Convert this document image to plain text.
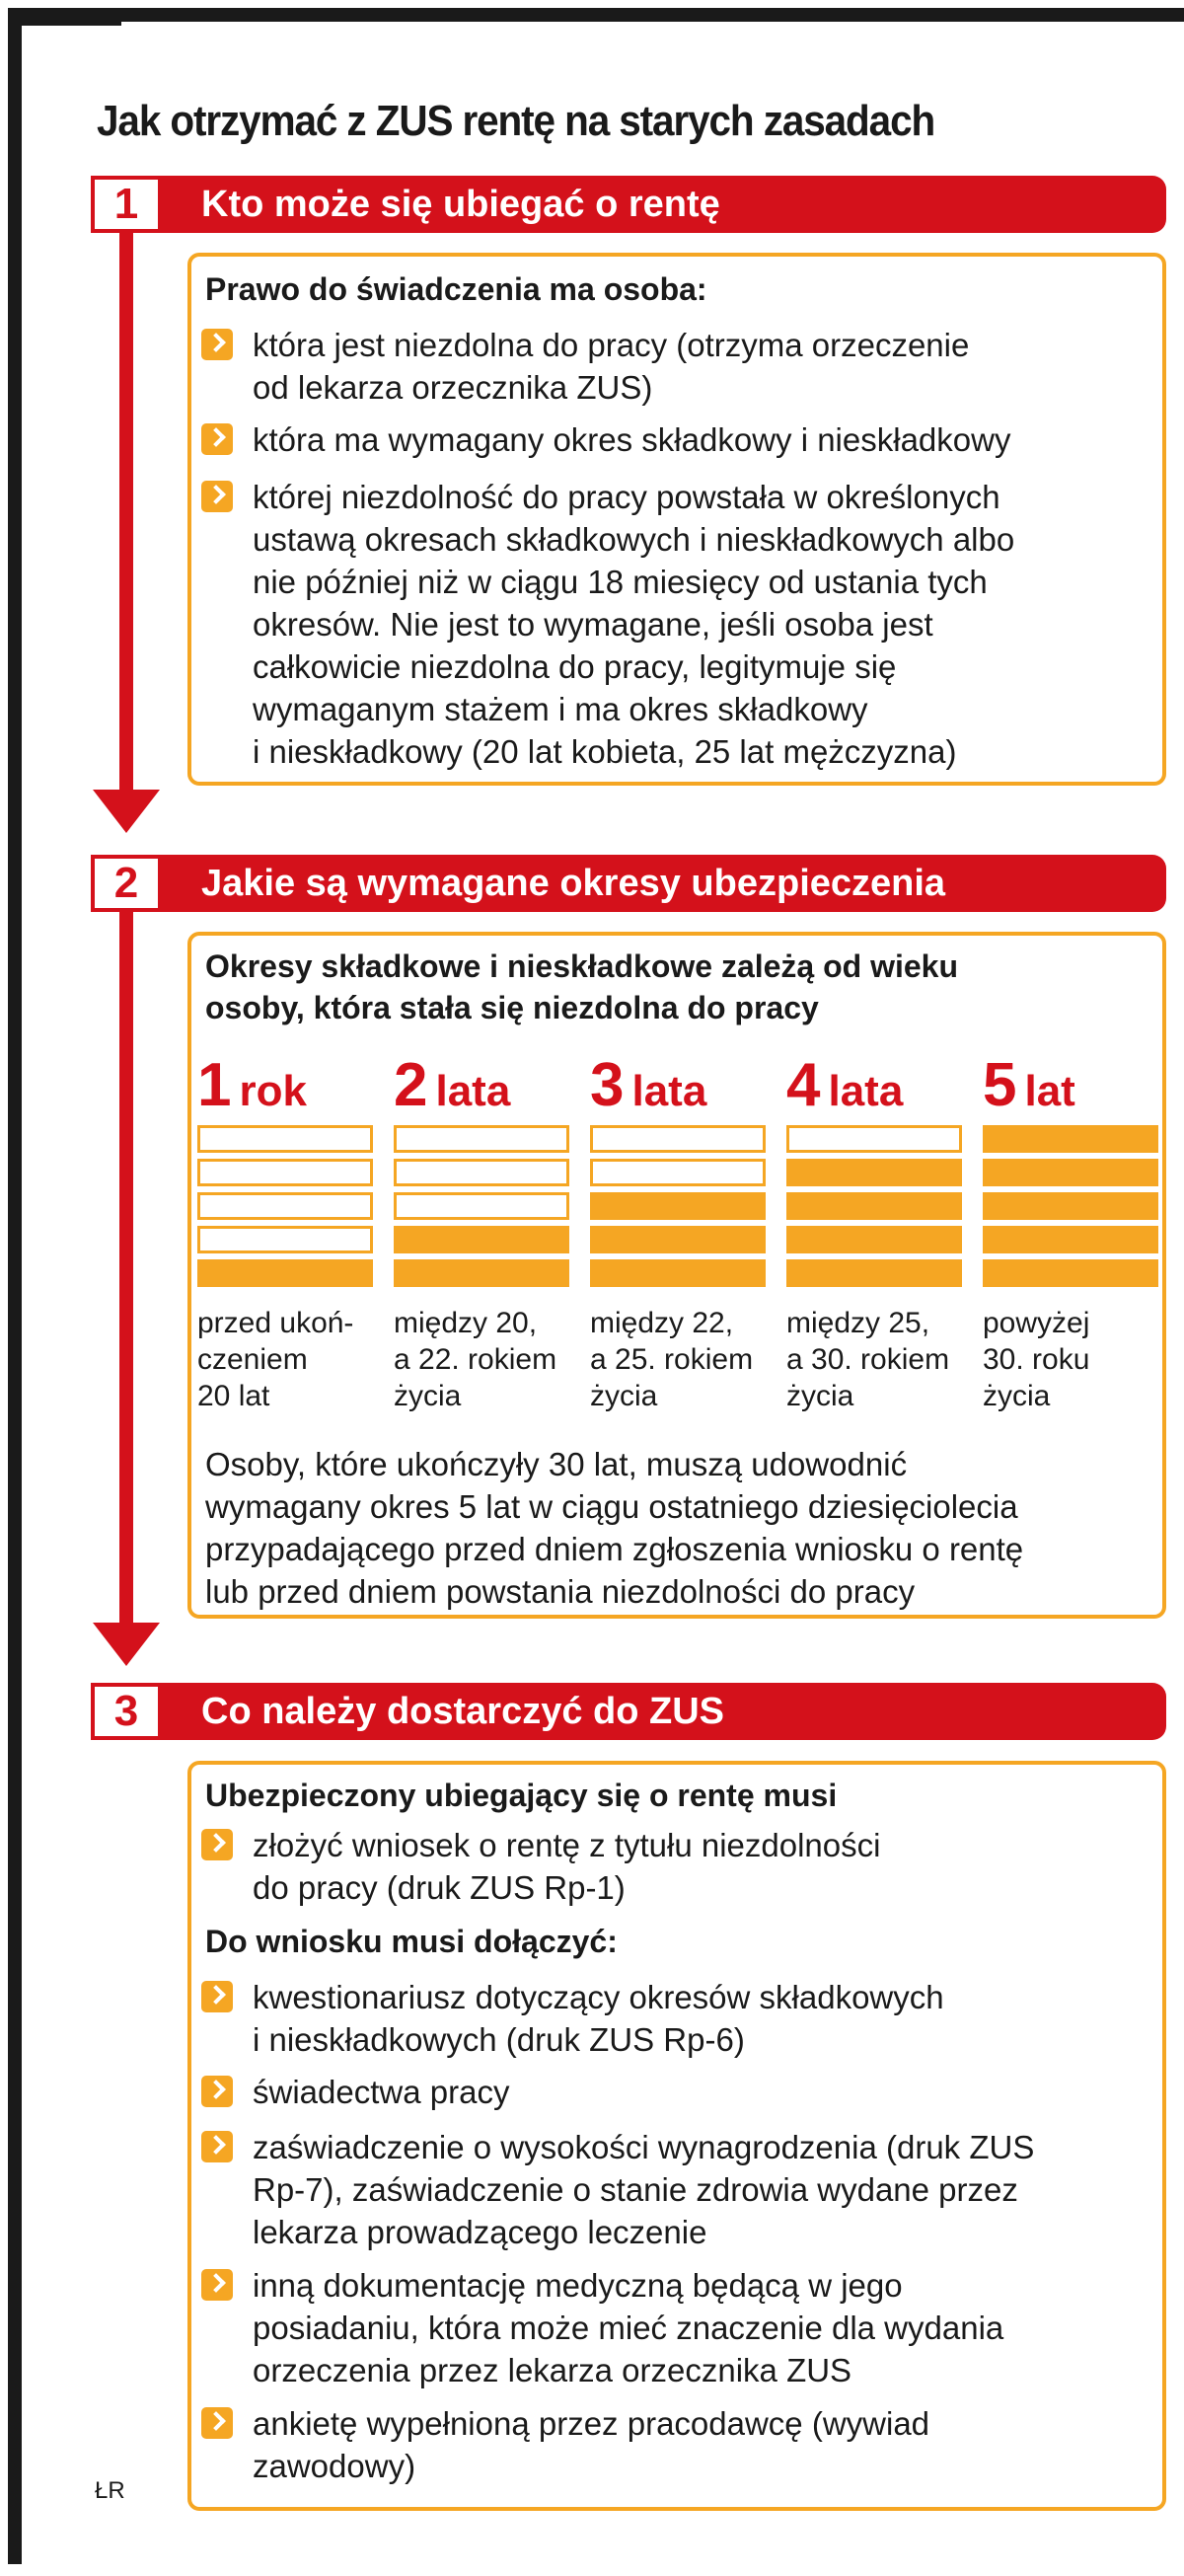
Jak otrzymać z ZUS rentę na starych zasadach
1	Kto może się ubiegać o rentę
Prawo do świadczenia ma osoba:
która jest niezdolna do pracy (otrzyma orzeczenie
od lekarza orzecznika ZUS)
która ma wymagany okres składkowy i nieskładkowy
której niezdolność do pracy powstała w określonych
ustawą okresach składkowych i nieskładkowych albo
nie później niż w ciągu 18 miesięcy od ustania tych
okresów. Nie jest to wymagane, jeśli osoba jest
całkowicie niezdolna do pracy, legitymuje się
wymaganym stażem i ma okres składkowy
i nieskładkowy (20 lat kobieta, 25 lat mężczyzna)
2	Jakie są wymagane okresy ubezpieczenia
Okresy składkowe i nieskładkowe zależą od wieku
osoby, która stała się niezdolna do pracy
Osoby, które ukończyły 30 lat, muszą udowodnić
wymagany okres 5 lat w ciągu ostatniego dziesięciolecia
przypadającego przed dniem zgłoszenia wniosku o rentę
lub przed dniem powstania niezdolności do pracy
1 rok
przed ukoń-
czeniem
20 lat
2 lata
między 20,
a 22. rokiem
życia
3 lata
między 22,
a 25. rokiem
życia
4 lata
między 25,
a 30. rokiem
życia
5 lat
powyżej
30. roku
życia
3	Co należy dostarczyć do ZUS
Ubezpieczony ubiegający się o rentę musi
złożyć wniosek o rentę z tytułu niezdolności
do pracy (druk ZUS Rp-1)
Do wniosku musi dołączyć:
kwestionariusz dotyczący okresów składkowych
i nieskładkowych (druk ZUS Rp-6)
świadectwa pracy
zaświadczenie o wysokości wynagrodzenia (druk ZUS
Rp-7), zaświadczenie o stanie zdrowia wydane przez
lekarza prowadzącego leczenie
inną dokumentację medyczną będącą w jego
posiadaniu, która może mieć znaczenie dla wydania
orzeczenia przez lekarza orzecznika ZUS
ankietę wypełnioną przez pracodawcę (wywiad
zawodowy)
ŁR
